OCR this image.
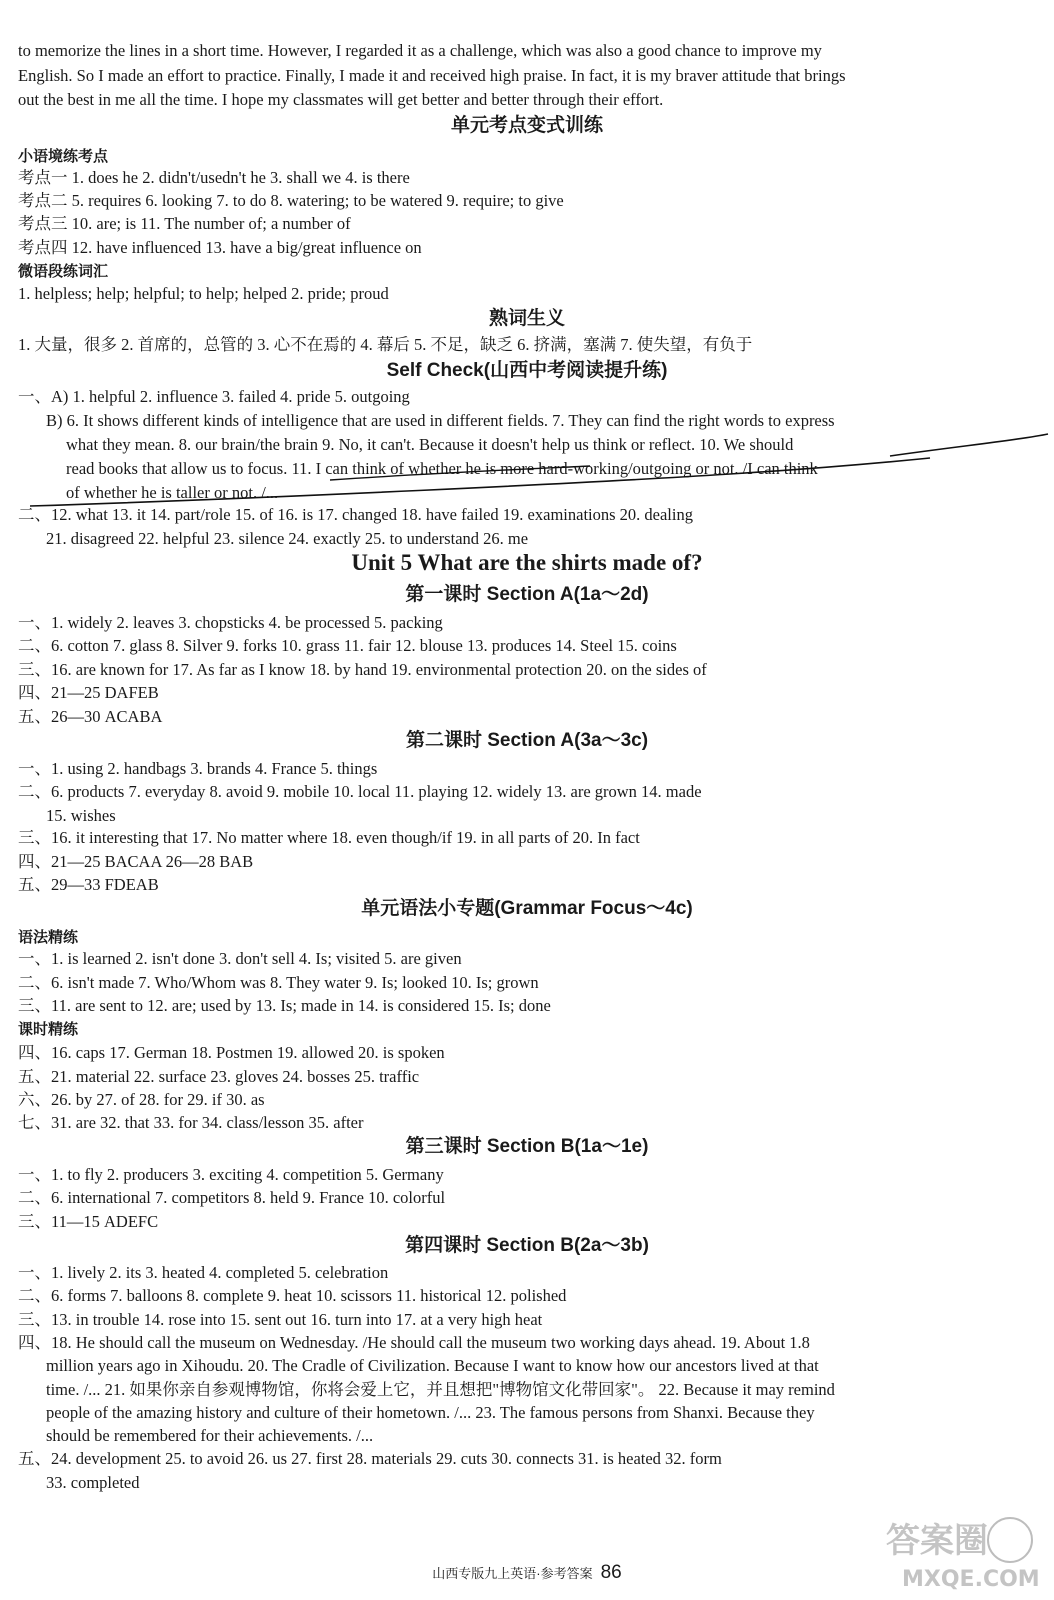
to memorize the lines in a short time. However, I regarded it as a challenge, which was also a good chance to improve my
English. So I made an effort to practice. Finally, I made it and received high praise. In fact, it is my braver attitude that brings
out the best in me all the time. I hope my classmates will get better and better through their effort.
单元考点变式训练
小语境练考点
考点一 1. does he 2. didn't/usedn't he 3. shall we 4. is there
考点二 5. requires 6. looking 7. to do 8. watering; to be watered 9. require; to give
考点三 10. are; is 11. The number of; a number of
考点四 12. have influenced 13. have a big/great influence on
微语段练词汇
1. helpless; help; helpful; to help; helped 2. pride; proud
熟词生义
1. 大量，很多 2. 首席的，总管的 3. 心不在焉的 4. 幕后 5. 不足，缺乏 6. 挤满，塞满 7. 使失望，有负于
Self Check(山西中考阅读提升练)
一、A) 1. helpful 2. influence 3. failed 4. pride 5. outgoing
B) 6. It shows different kinds of intelligence that are used in different fields. 7. They can find the right words to express
what they mean. 8. our brain/the brain 9. No, it can't. Because it doesn't help us think or reflect. 10. We should
read books that allow us to focus. 11. I can think of whether he is more hard-working/outgoing or not. /I can think
of whether he is taller or not. /...
二、12. what 13. it 14. part/role 15. of 16. is 17. changed 18. have failed 19. examinations 20. dealing
21. disagreed 22. helpful 23. silence 24. exactly 25. to understand 26. me
Unit 5 What are the shirts made of?
第一课时 Section A(1a～2d)
一、1. widely 2. leaves 3. chopsticks 4. be processed 5. packing
二、6. cotton 7. glass 8. Silver 9. forks 10. grass 11. fair 12. blouse 13. produces 14. Steel 15. coins
三、16. are known for 17. As far as I know 18. by hand 19. environmental protection 20. on the sides of
四、21—25 DAFEB
五、26—30 ACABA
第二课时 Section A(3a～3c)
一、1. using 2. handbags 3. brands 4. France 5. things
二、6. products 7. everyday 8. avoid 9. mobile 10. local 11. playing 12. widely 13. are grown 14. made
15. wishes
三、16. it interesting that 17. No matter where 18. even though/if 19. in all parts of 20. In fact
四、21—25 BACAA 26—28 BAB
五、29—33 FDEAB
单元语法小专题(Grammar Focus～4c)
语法精练
一、1. is learned 2. isn't done 3. don't sell 4. Is; visited 5. are given
二、6. isn't made 7. Who/Whom was 8. They water 9. Is; looked 10. Is; grown
三、11. are sent to 12. are; used by 13. Is; made in 14. is considered 15. Is; done
课时精练
四、16. caps 17. German 18. Postmen 19. allowed 20. is spoken
五、21. material 22. surface 23. gloves 24. bosses 25. traffic
六、26. by 27. of 28. for 29. if 30. as
七、31. are 32. that 33. for 34. class/lesson 35. after
第三课时 Section B(1a～1e)
一、1. to fly 2. producers 3. exciting 4. competition 5. Germany
二、6. international 7. competitors 8. held 9. France 10. colorful
三、11—15 ADEFC
第四课时 Section B(2a～3b)
一、1. lively 2. its 3. heated 4. completed 5. celebration
二、6. forms 7. balloons 8. complete 9. heat 10. scissors 11. historical 12. polished
三、13. in trouble 14. rose into 15. sent out 16. turn into 17. at a very high heat
四、18. He should call the museum on Wednesday. /He should call the museum two working days ahead. 19. About 1.8
million years ago in Xihoudu. 20. The Cradle of Civilization. Because I want to know how our ancestors lived at that
time. /... 21. 如果你亲自参观博物馆，你将会爱上它，并且想把"博物馆文化带回家"。 22. Because it may remind
people of the amazing history and culture of their hometown. /... 23. The famous persons from Shanxi. Because they
should be remembered for their achievements. /...
五、24. development 25. to avoid 26. us 27. first 28. materials 29. cuts 30. connects 31. is heated 32. form
33. completed
山西专版九上英语·参考答案 86
答案圈
MXQE.COM
